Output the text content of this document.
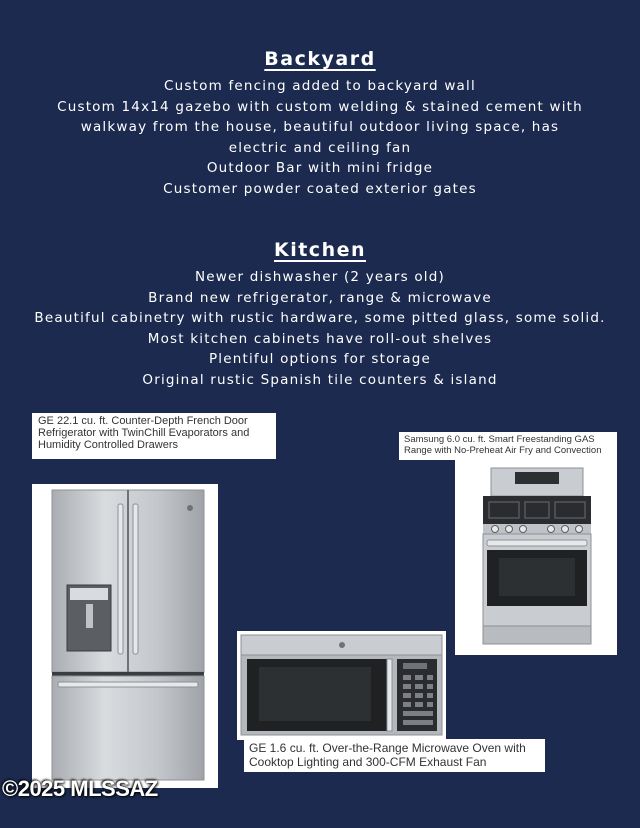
Backyard
Custom fencing added to backyard wall
Custom 14x14 gazebo with custom welding & stained cement with
walkway from the house, beautiful outdoor living space, has
electric and ceiling fan
Outdoor Bar with mini fridge
Customer powder coated exterior gates
Kitchen
Newer dishwasher (2 years old)
Brand new refrigerator, range & microwave
Beautiful cabinetry with rustic hardware, some pitted glass, some solid.
Most kitchen cabinets have roll-out shelves
Plentiful options for storage
Original rustic Spanish tile counters & island
GE 22.1 cu. ft. Counter-Depth French Door Refrigerator with TwinChill Evaporators and Humidity Controlled Drawers	Samsung 6.0 cu. ft. Smart Freestanding GAS Range with No-Preheat Air Fry and Convection
GE 1.6 cu. ft. Over-the-Range Microwave Oven with Cooktop Lighting and 300-CFM Exhaust Fan
©2025 MLSSAZ
